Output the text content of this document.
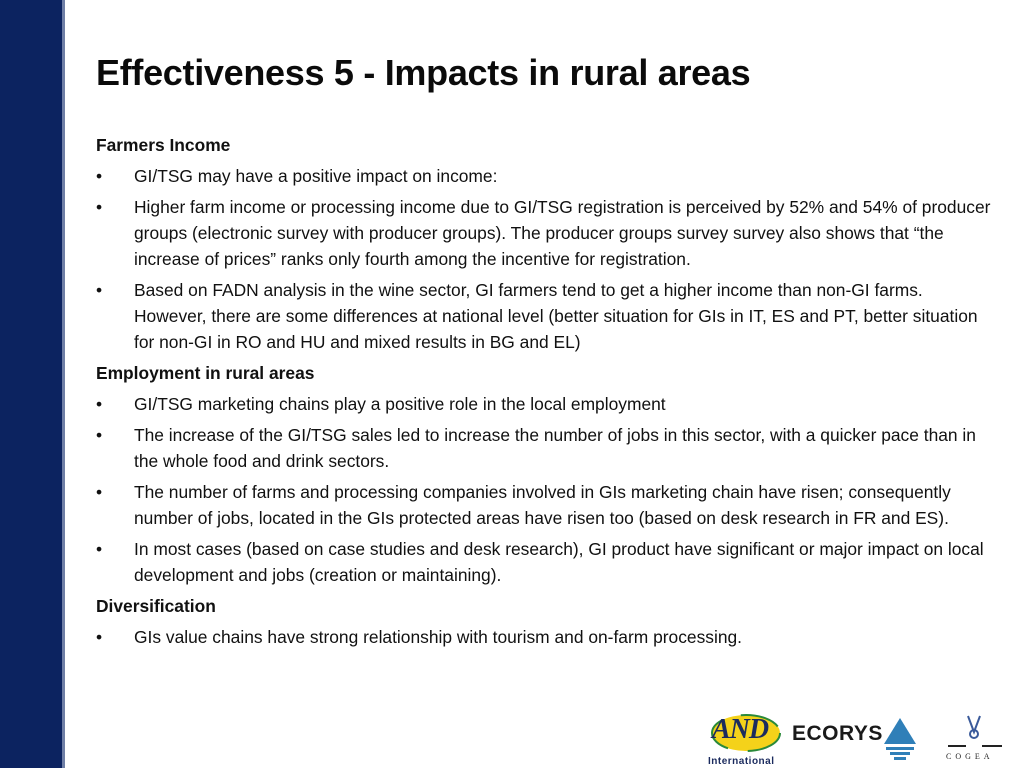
Effectiveness 5 - Impacts in rural areas
Farmers Income
•	GI/TSG may have a positive impact on income:
•	Higher farm income or processing income due to GI/TSG registration is perceived by 52% and 54% of producer groups (electronic survey with producer groups). The producer groups survey survey also shows that “the increase of prices” ranks only fourth among the incentive for registration.
•	Based on FADN analysis in the wine sector, GI farmers tend to get a higher income than non-GI farms. However, there are some differences at national level (better situation for GIs in IT, ES and PT, better situation for non-GI in RO and HU and mixed results in BG and EL)
Employment in rural areas
•	GI/TSG marketing chains play a positive role in the local employment
•	The increase of the GI/TSG sales led to increase the number of jobs in this sector, with a quicker pace than in the whole food and drink sectors.
•	The number of farms and processing companies involved in GIs marketing chain have risen; consequently number of jobs, located in the GIs protected areas have risen too (based on desk research in FR and ES).
•	In most cases (based on case studies and desk research), GI product have significant or major impact on local development and jobs (creation or maintaining).
Diversification
•	GIs value chains have strong relationship with tourism and on-farm processing.
AND
International
ECORYS
COGEA
